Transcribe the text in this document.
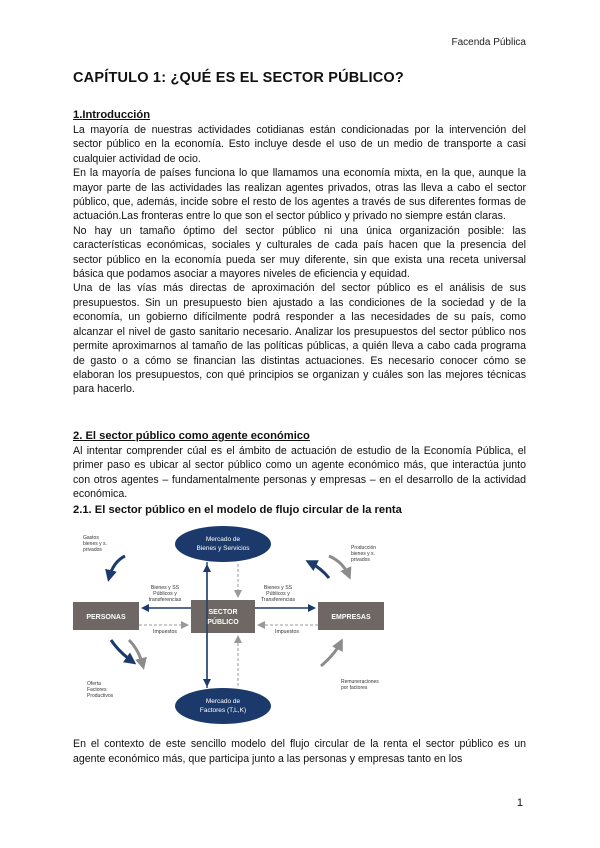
Facenda Pública
CAPÍTULO 1: ¿QUÉ ES EL SECTOR PÚBLICO?
1.Introducción

La mayoría de nuestras actividades cotidianas están condicionadas por la intervención del sector público en la economía. Esto incluye desde el uso de un medio de transporte a casi cualquier actividad de ocio.

En la mayoría de países funciona lo que llamamos una economía mixta, en la que, aunque la mayor parte de las actividades las realizan agentes privados, otras las lleva a cabo el sector público, que, además, incide sobre el resto de los agentes a través de sus diferentes formas de actuación.Las fronteras entre lo que son el sector público y privado no siempre están claras.

No hay un tamaño óptimo del sector público ni una única organización posible: las características económicas, sociales y culturales de cada país hacen que la presencia del sector público en la economía pueda ser muy diferente, sin que exista una receta universal básica que podamos asociar a mayores niveles de eficiencia y equidad.

Una de las vías más directas de aproximación del sector público es el análisis de sus presupuestos. Sin un presupuesto bien ajustado a las condiciones de la sociedad y de la economía, un gobierno difícilmente podrá responder a las necesidades de su país, como alcanzar el nivel de gasto sanitario necesario. Analizar los presupuestos del sector público nos permite aproximarnos al tamaño de las políticas públicas, a quién lleva a cabo cada programa de gasto o a cómo se financian las distintas actuaciones. Es necesario conocer cómo se elaboran los presupuestos, con qué principios se organizan y cuáles son las mejores técnicas para hacerlo.

2. El sector público como agente económico

Al intentar comprender cúal es el ámbito de actuación de estudio de la Economía Pública, el primer paso es ubicar al sector público como un agente económico más, que interactúa junto con otros agentes – fundamentalmente personas y empresas – en el desarrollo de la actividad económica.

2.1. El sector público en el modelo de flujo circular de la renta
Mercado de
Bienes y Servicios
Mercado de
Factores (T,L,K)
PERSONAS	EMPRESAS
SECTOR
PÚBLICO
Bienes y SS
Públicos y
transferencias
Bienes y SS
Públicos y
Transferencias
Impuestos	Impuestos
Gastos
bienes y s.
privados	Producción
bienes y s.
privados
Oferta
Factores
Productivos
Remuneraciones
por factores

En el contexto de este sencillo modelo del flujo circular de la renta el sector público es un agente económico más, que participa junto a las personas y empresas tanto en los

1
